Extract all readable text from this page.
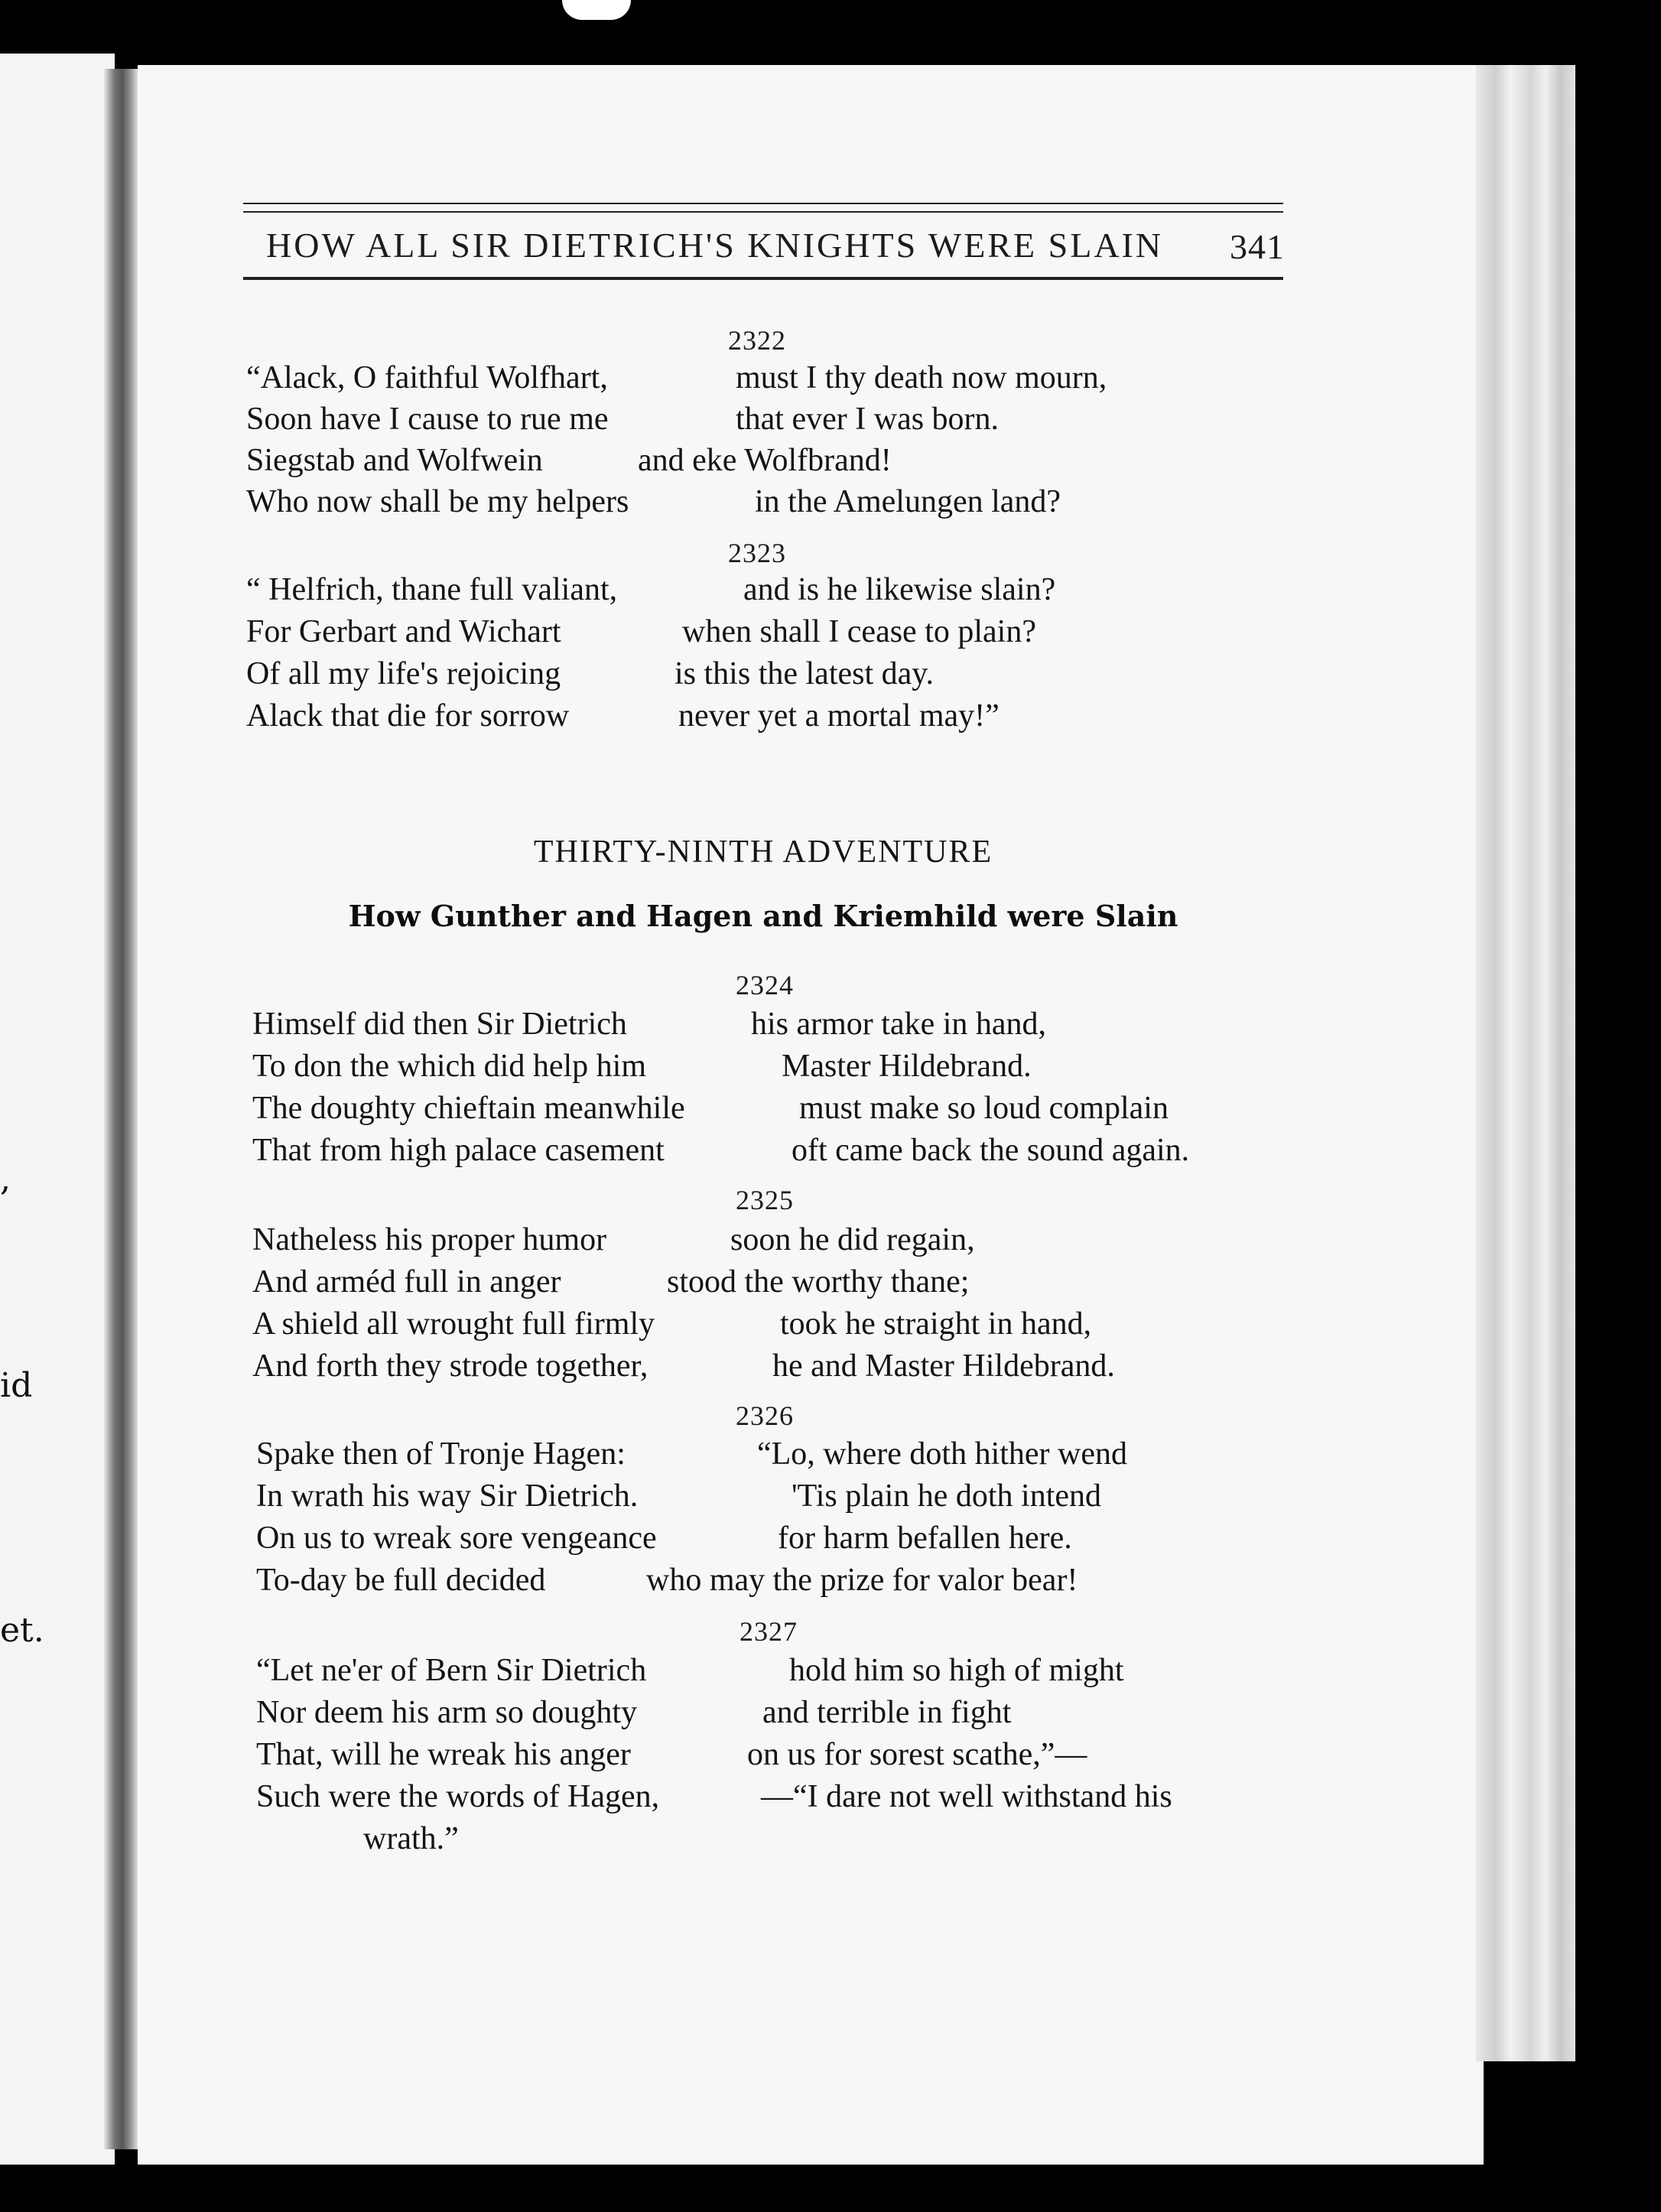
,
id
et.
HOW ALL SIR DIETRICH'S KNIGHTS WERE SLAIN 341
2322
“Alack, O faithful Wolfhart,	must I thy death now mourn,
Soon have I cause to rue me	that ever I was born.
Siegstab and Wolfwein	and eke Wolfbrand!
Who now shall be my helpers	in the Amelungen land?
2323
“ Helfrich, thane full valiant,	and is he likewise slain?
For Gerbart and Wichart	when shall I cease to plain?
Of all my life's rejoicing	is this the latest day.
Alack that die for sorrow	never yet a mortal may!”
THIRTY-NINTH ADVENTURE
How Gunther and Hagen and Kriemhild were Slain
2324
Himself did then Sir Dietrich	his armor take in hand,
To don the which did help him	Master Hildebrand.
The doughty chieftain meanwhile	must make so loud complain
That from high palace casement	oft came back the sound again.
2325
Natheless his proper humor	soon he did regain,
And arméd full in anger	stood the worthy thane;
A shield all wrought full firmly	took he straight in hand,
And forth they strode together,	he and Master Hildebrand.
2326
Spake then of Tronje Hagen:	“Lo, where doth hither wend
In wrath his way Sir Dietrich.	'Tis plain he doth intend
On us to wreak sore vengeance	for harm befallen here.
To-day be full decided	who may the prize for valor bear!
2327
“Let ne'er of Bern Sir Dietrich	hold him so high of might
Nor deem his arm so doughty	and terrible in fight
That, will he wreak his anger	on us for sorest scathe,”—
Such were the words of Hagen,	—“I dare not well withstand his
wrath.”
